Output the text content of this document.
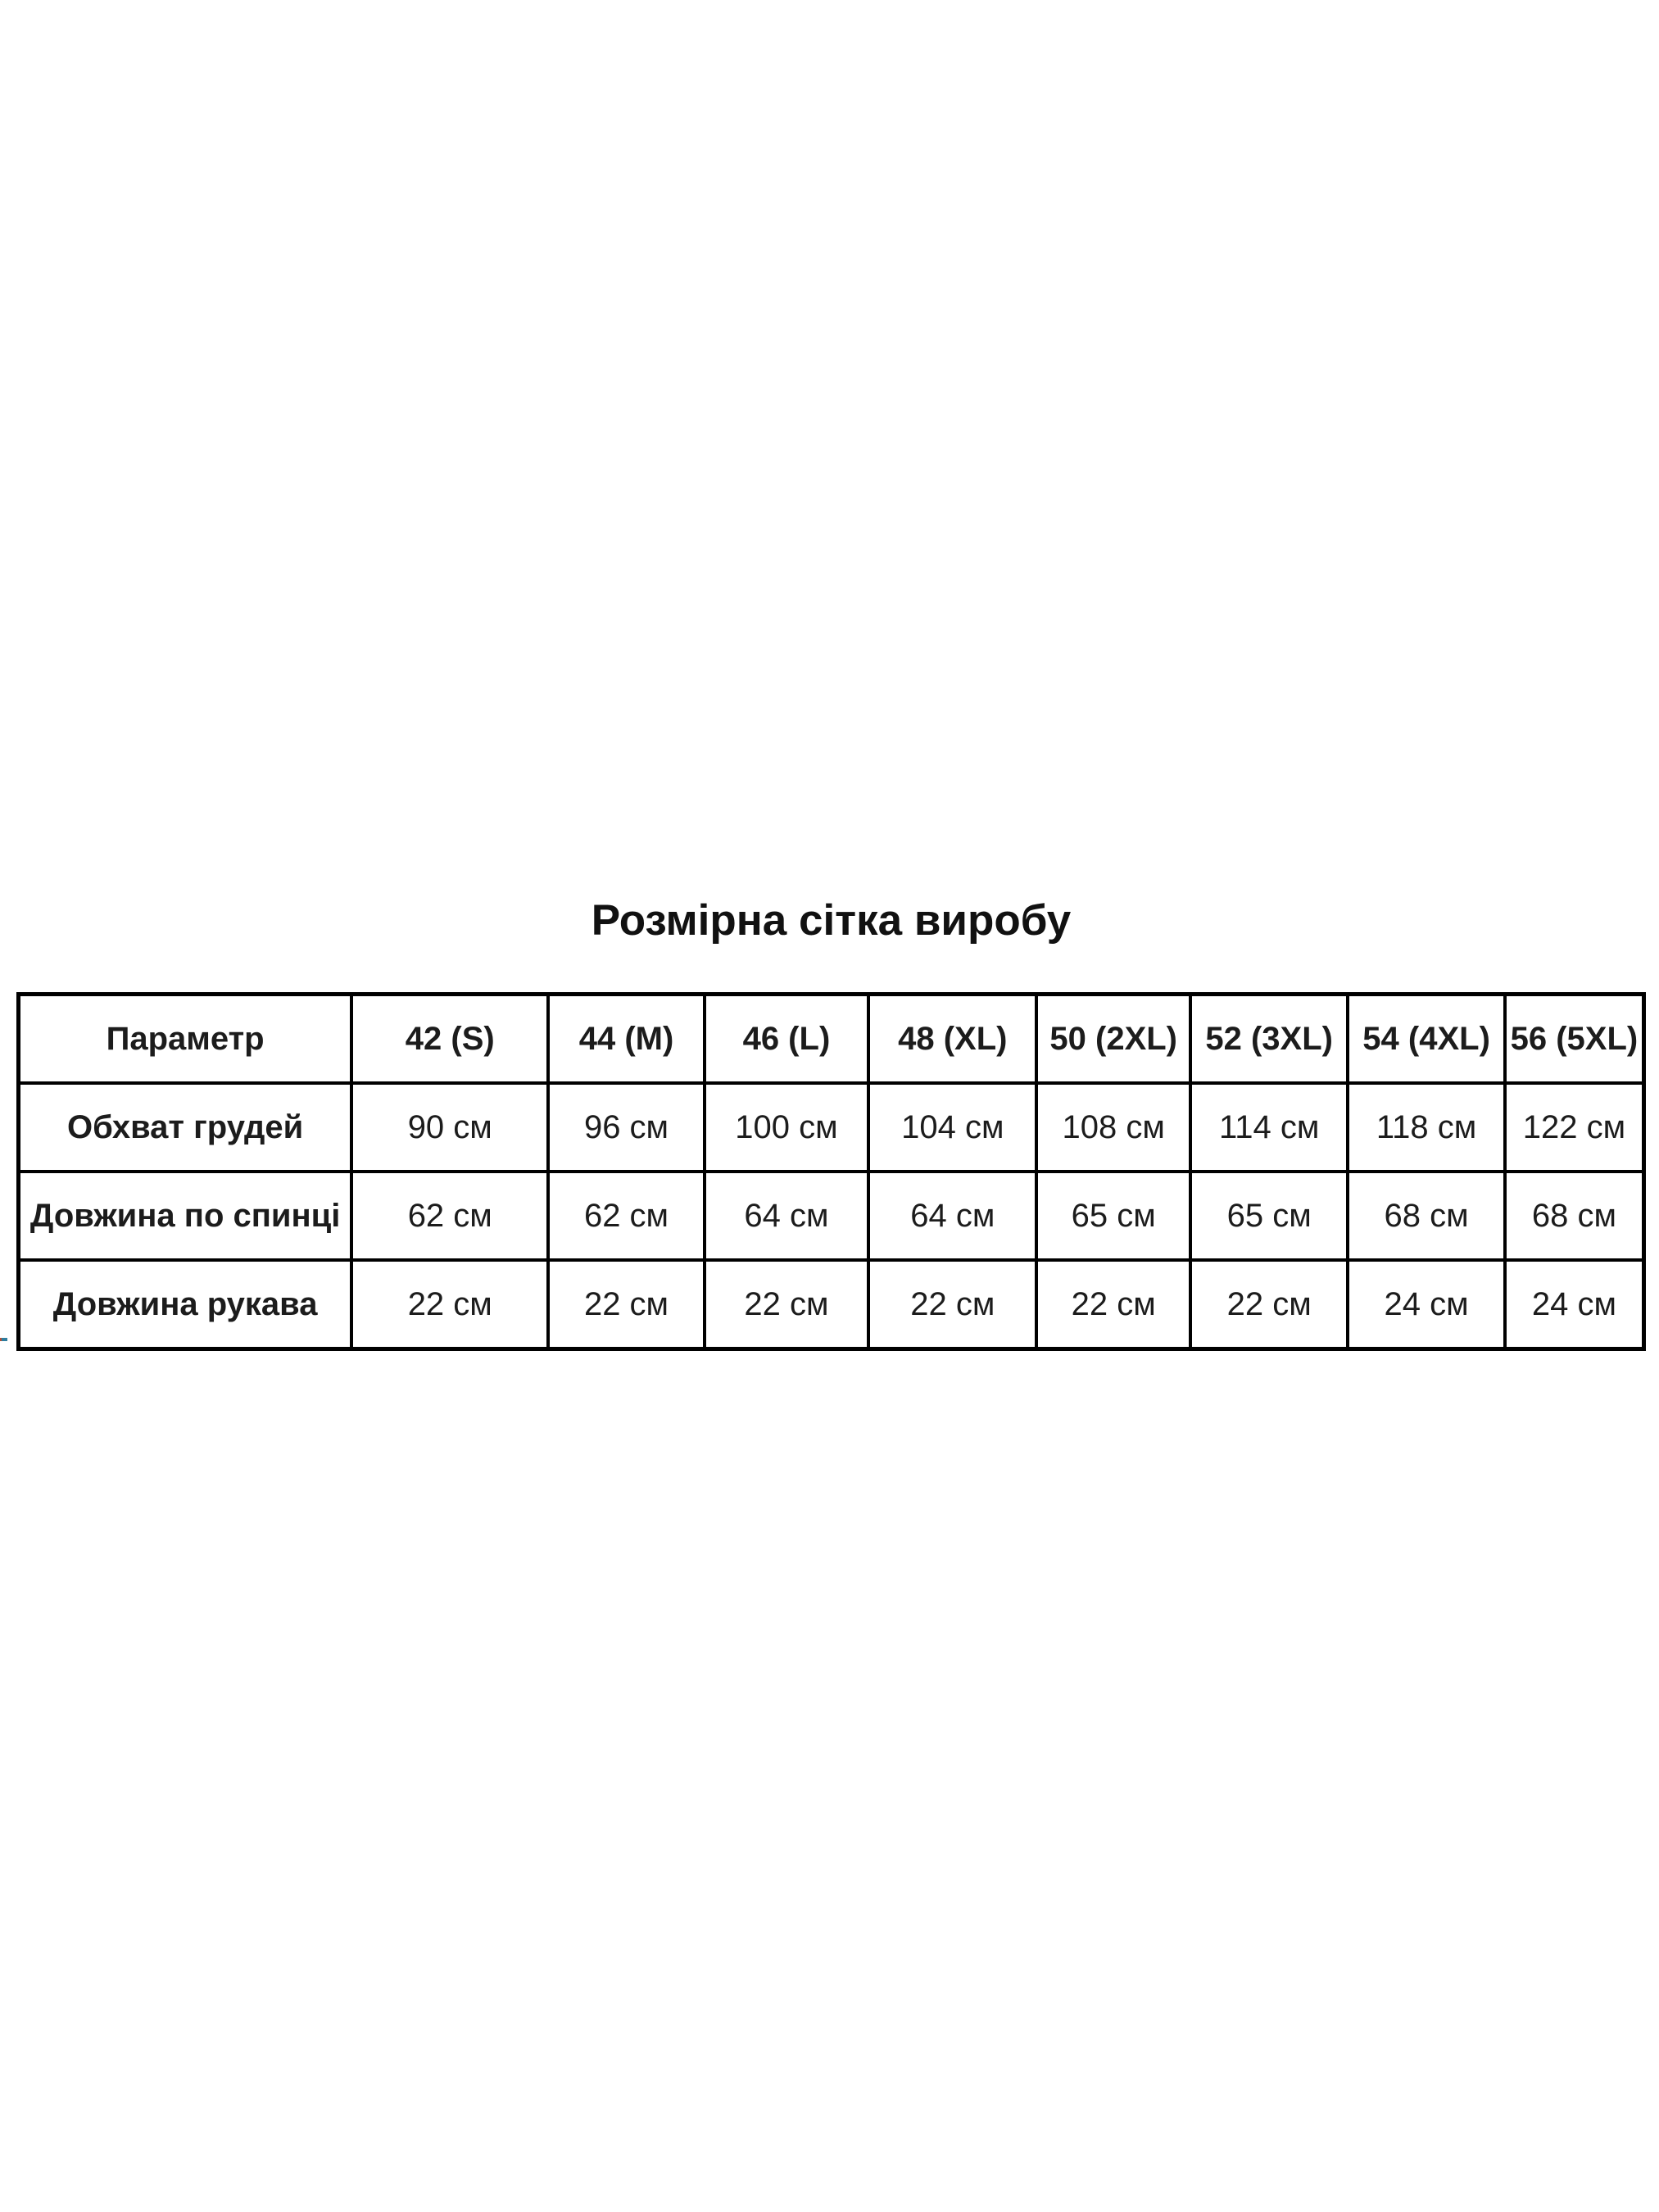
Розмірна сітка виробу
Параметр	42 (S)	44 (M)	46 (L)	48 (XL)	50 (2XL)	52 (3XL)	54 (4XL)	56 (5XL)
Обхват грудей	90 см	96 см	100 см	104 см	108 см	114 см	118 см	122 см
Довжина по спинці	62 см	62 см	64 см	64 см	65 см	65 см	68 см	68 см
Довжина рукава	22 см	22 см	22 см	22 см	22 см	22 см	24 см	24 см
